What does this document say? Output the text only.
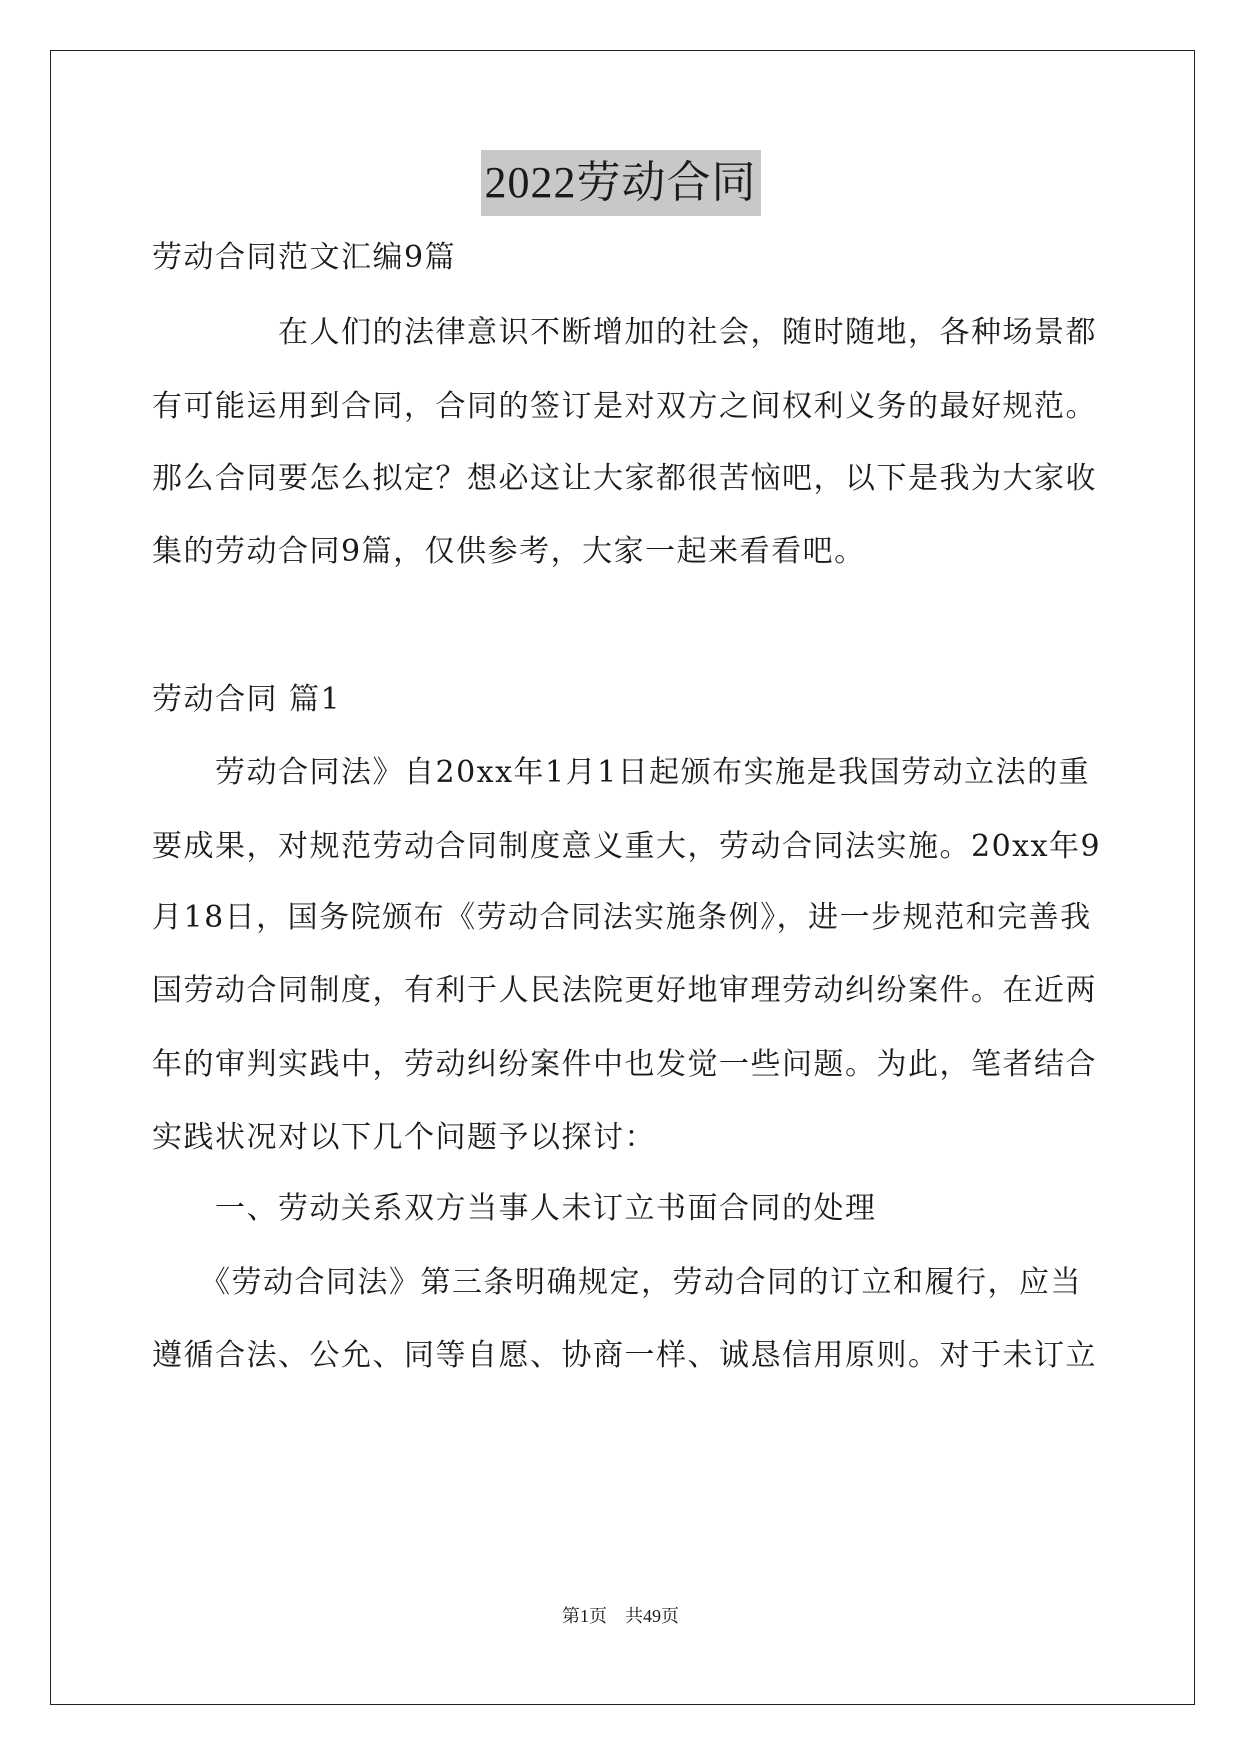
2022劳动合同
劳动合同范文汇编9篇
　　　　在人们的法律意识不断增加的社会，随时随地，各种场景都
有可能运用到合同，合同的签订是对双方之间权利义务的最好规范。
那么合同要怎么拟定？想必这让大家都很苦恼吧，以下是我为大家收
集的劳动合同9篇，仅供参考，大家一起来看看吧。
劳动合同 篇1
　　劳动合同法》自20xx年1月1日起颁布实施是我国劳动立法的重
要成果，对规范劳动合同制度意义重大，劳动合同法实施。20xx年9
月18日，国务院颁布《劳动合同法实施条例》，进一步规范和完善我
国劳动合同制度，有利于人民法院更好地审理劳动纠纷案件。在近两
年的审判实践中，劳动纠纷案件中也发觉一些问题。为此，笔者结合
实践状况对以下几个问题予以探讨：
　　一、劳动关系双方当事人未订立书面合同的处理
　　《劳动合同法》第三条明确规定，劳动合同的订立和履行，应当
遵循合法、公允、同等自愿、协商一样、诚恳信用原则。对于未订立
第1页　共49页
